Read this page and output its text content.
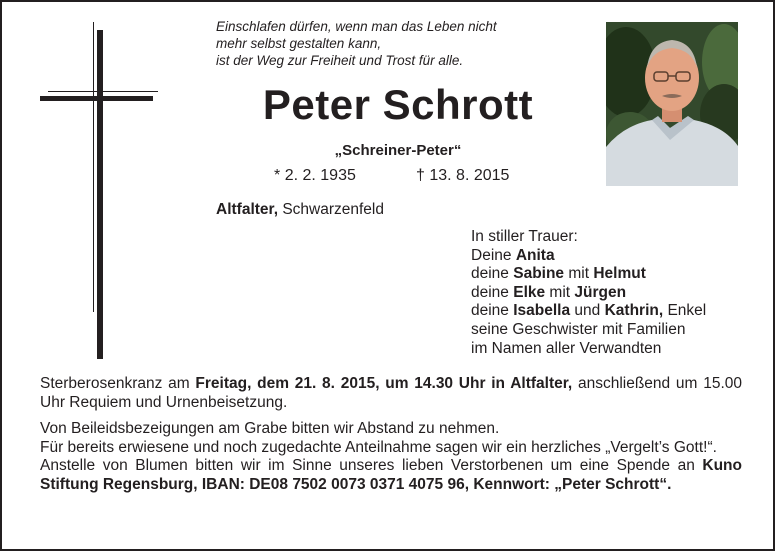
Einschlafen dürfen, wenn man das Leben nicht
mehr selbst gestalten kann,
ist der Weg zur Freiheit und Trost für alle.
Peter Schrott
„Schreiner-Peter“
* 2. 2. 1935	† 13. 8. 2015
Altfalter, Schwarzenfeld
In stiller Trauer:
Deine Anita
deine Sabine mit Helmut
deine Elke mit Jürgen
deine Isabella und Kathrin, Enkel
seine Geschwister mit Familien
im Namen aller Verwandten
Sterberosenkranz am Freitag, dem 21. 8. 2015, um 14.30 Uhr in Altfalter, anschließend um 15.00 Uhr Requiem und Urnenbeisetzung.
Von Beileidsbezeigungen am Grabe bitten wir Abstand zu nehmen.
Für bereits erwiesene und noch zugedachte Anteilnahme sagen wir ein herzliches „Vergelt’s Gott!“.
Anstelle von Blumen bitten wir im Sinne unseres lieben Verstorbenen um eine Spende an Kuno Stiftung Regensburg, IBAN: DE08 7502 0073 0371 4075 96, Kennwort: „Peter Schrott“.
